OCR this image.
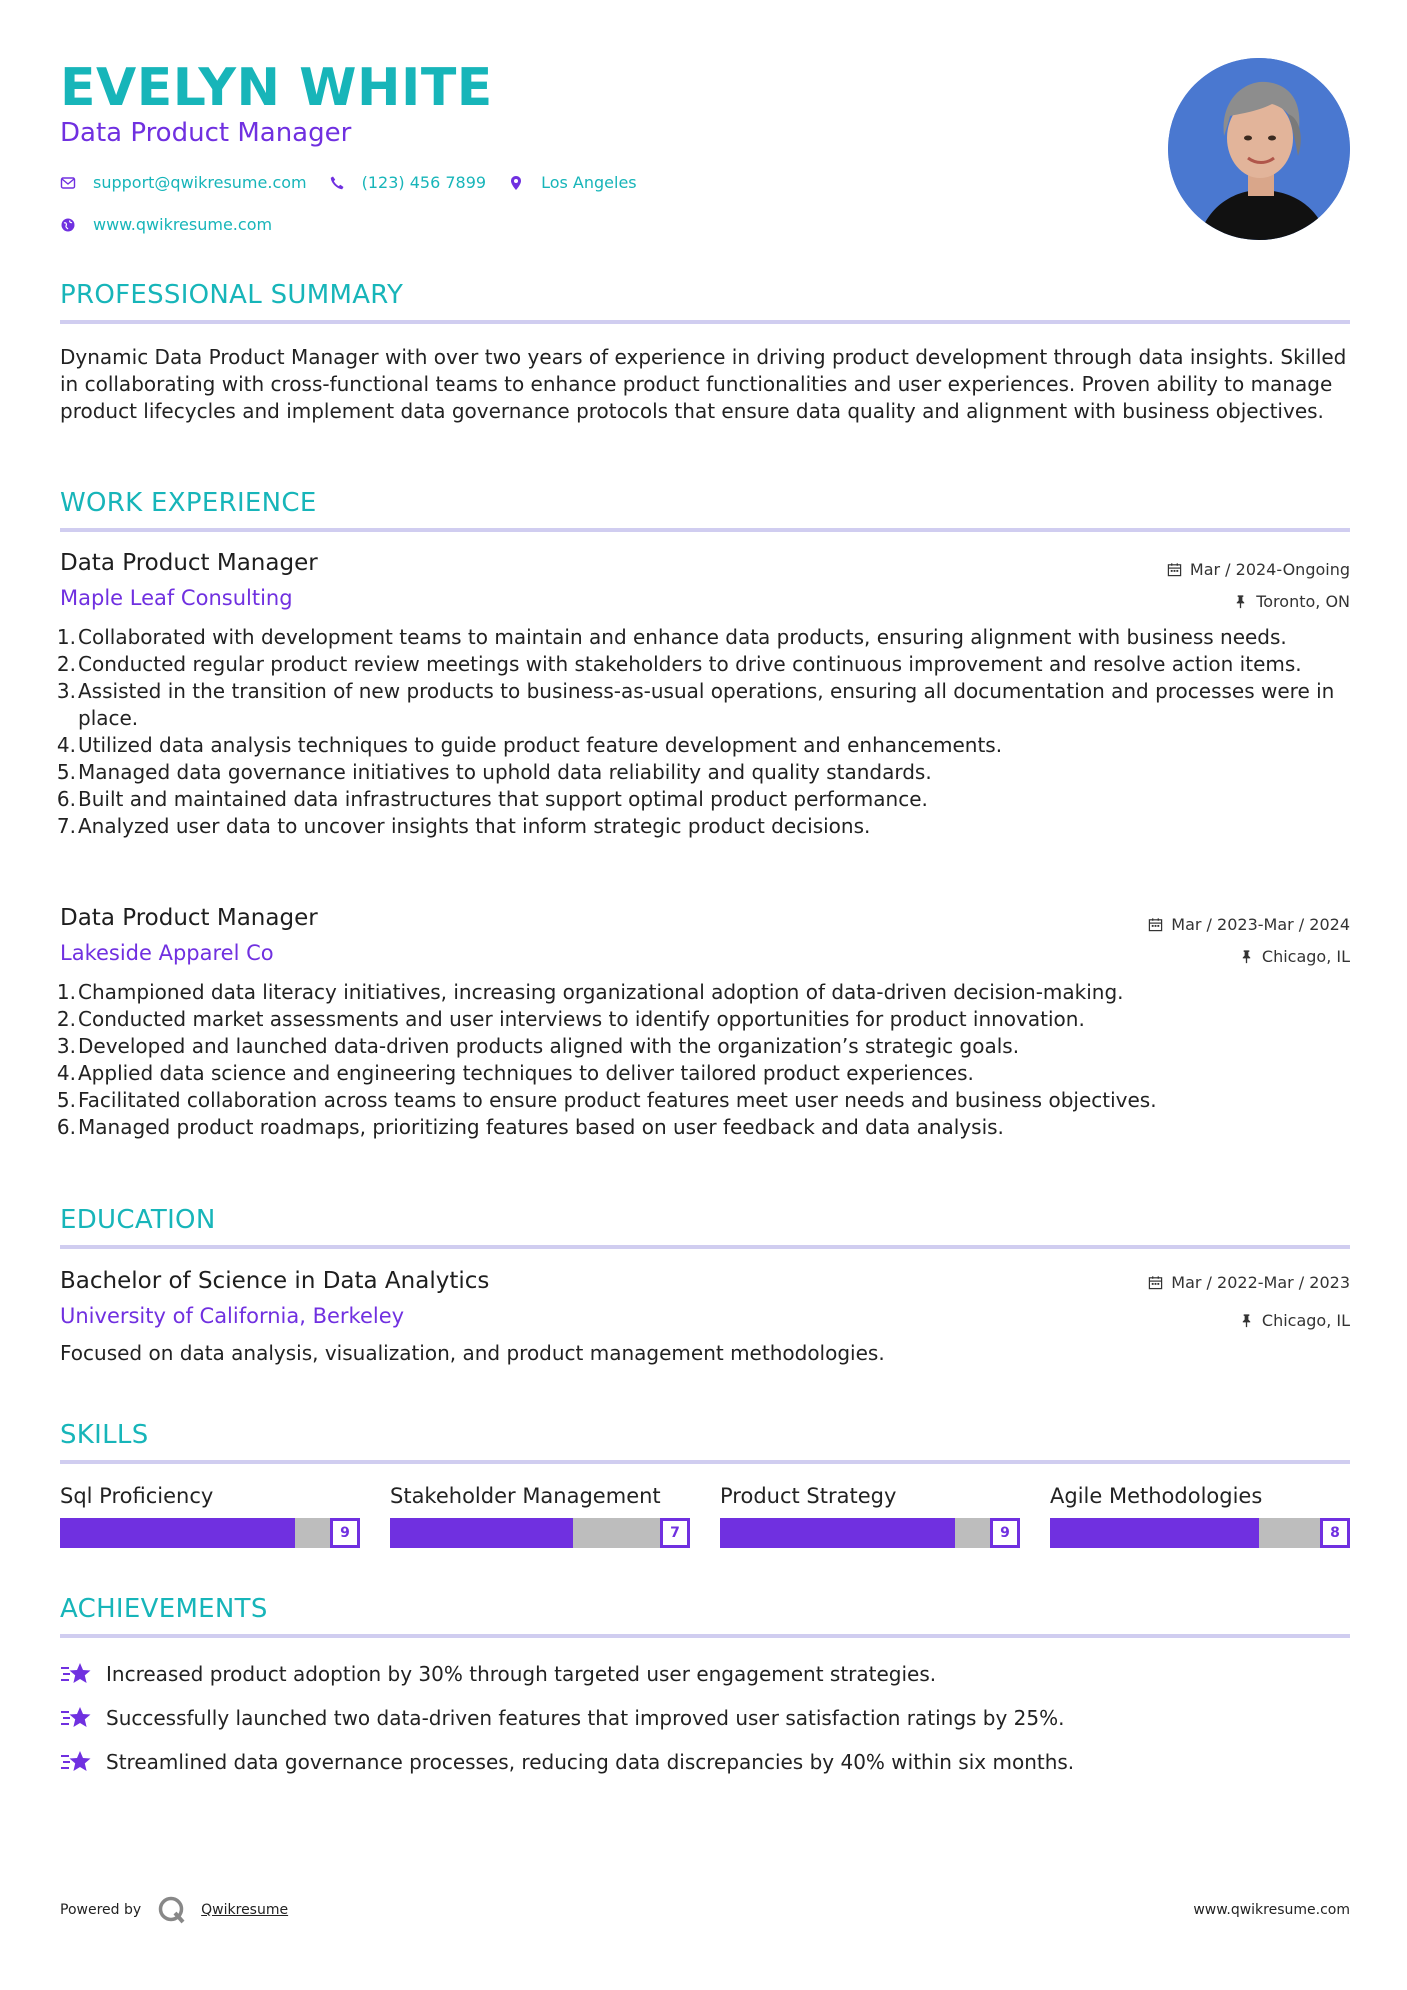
EVELYN WHITE
Data Product Manager
support@qwikresume.com	(123) 456 7899	Los Angeles
www.qwikresume.com
PROFESSIONAL SUMMARY
Dynamic Data Product Manager with over two years of experience in driving product development through data insights. Skilled in collaborating with cross-functional teams to enhance product functionalities and user experiences. Proven ability to manage product lifecycles and implement data governance protocols that ensure data quality and alignment with business objectives.
WORK EXPERIENCE
Data Product Manager
Maple Leaf Consulting
Mar / 2024-Ongoing
Toronto, ON
1. Collaborated with development teams to maintain and enhance data products, ensuring alignment with business needs.
2. Conducted regular product review meetings with stakeholders to drive continuous improvement and resolve action items.
3. Assisted in the transition of new products to business-as-usual operations, ensuring all documentation and processes were in place.
4. Utilized data analysis techniques to guide product feature development and enhancements.
5. Managed data governance initiatives to uphold data reliability and quality standards.
6. Built and maintained data infrastructures that support optimal product performance.
7. Analyzed user data to uncover insights that inform strategic product decisions.
Data Product Manager
Lakeside Apparel Co
Mar / 2023-Mar / 2024
Chicago, IL
1. Championed data literacy initiatives, increasing organizational adoption of data-driven decision-making.
2. Conducted market assessments and user interviews to identify opportunities for product innovation.
3. Developed and launched data-driven products aligned with the organization’s strategic goals.
4. Applied data science and engineering techniques to deliver tailored product experiences.
5. Facilitated collaboration across teams to ensure product features meet user needs and business objectives.
6. Managed product roadmaps, prioritizing features based on user feedback and data analysis.
EDUCATION
Bachelor of Science in Data Analytics
University of California, Berkeley
Mar / 2022-Mar / 2023
Chicago, IL
Focused on data analysis, visualization, and product management methodologies.
SKILLS
Sql Proficiency
9
Stakeholder Management
7
Product Strategy
9
Agile Methodologies
8
ACHIEVEMENTS
Increased product adoption by 30% through targeted user engagement strategies.
Successfully launched two data-driven features that improved user satisfaction ratings by 25%.
Streamlined data governance processes, reducing data discrepancies by 40% within six months.
Powered by	Qwikresume	www.qwikresume.com
